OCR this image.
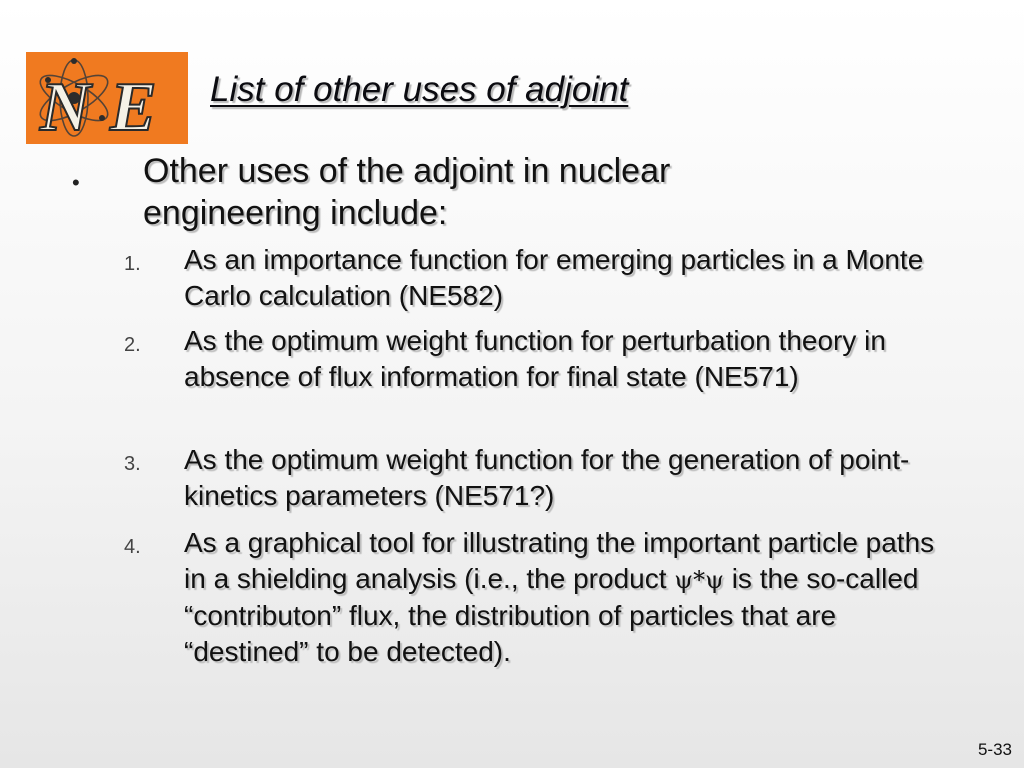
N E List of other uses of adjoint
• Other uses of the adjoint in nuclear engineering include:
1. As an importance function for emerging particles in a Monte Carlo calculation (NE582)
2. As the optimum weight function for perturbation theory in absence of flux information for final state (NE571)
3. As the optimum weight function for the generation of point-kinetics parameters (NE571?)
4. As a graphical tool for illustrating the important particle paths in a shielding analysis (i.e., the product ψ*ψ is the so-called “contributon” flux, the distribution of particles that are “destined” to be detected).
5-33
